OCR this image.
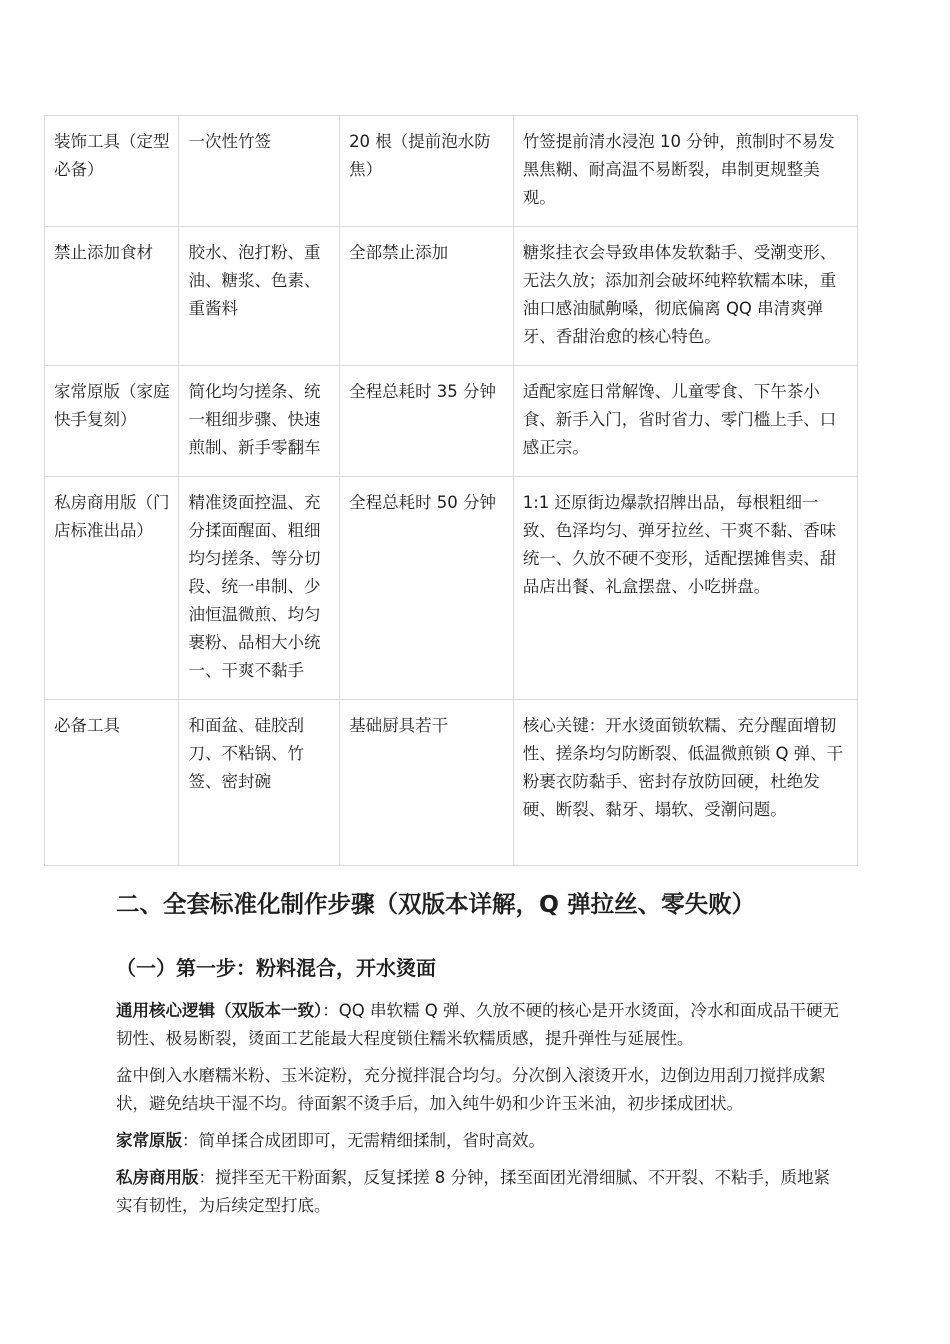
装饰工具（定型必备）	一次性竹签	20 根（提前泡水防焦）	竹签提前清水浸泡 10 分钟，煎制时不易发黑焦糊、耐高温不易断裂，串制更规整美观。
禁止添加食材	胶水、泡打粉、重油、糖浆、色素、重酱料	全部禁止添加	糖浆挂衣会导致串体发软黏手、受潮变形、无法久放；添加剂会破坏纯粹软糯本味，重油口感油腻齁嗓，彻底偏离 QQ 串清爽弹牙、香甜治愈的核心特色。
家常原版（家庭快手复刻）	简化均匀搓条、统一粗细步骤、快速煎制、新手零翻车	全程总耗时 35 分钟	适配家庭日常解馋、儿童零食、下午茶小食、新手入门，省时省力、零门槛上手、口感正宗。
私房商用版（门店标准出品）	精准烫面控温、充分揉面醒面、粗细均匀搓条、等分切段、统一串制、少油恒温微煎、均匀裹粉、品相大小统一、干爽不黏手	全程总耗时 50 分钟	1:1 还原街边爆款招牌出品，每根粗细一致、色泽均匀、弹牙拉丝、干爽不黏、香味统一、久放不硬不变形，适配摆摊售卖、甜品店出餐、礼盒摆盘、小吃拼盘。
必备工具	和面盆、硅胶刮刀、不粘锅、竹签、密封碗	基础厨具若干	核心关键：开水烫面锁软糯、充分醒面增韧性、搓条均匀防断裂、低温微煎锁 Q 弹、干粉裹衣防黏手、密封存放防回硬，杜绝发硬、断裂、黏牙、塌软、受潮问题。
二、全套标准化制作步骤（双版本详解，Q 弹拉丝、零失败）
（一）第一步：粉料混合，开水烫面

通用核心逻辑（双版本一致）：QQ 串软糯 Q 弹、久放不硬的核心是开水烫面，冷水和面成品干硬无韧性、极易断裂，烫面工艺能最大程度锁住糯米软糯质感，提升弹性与延展性。

盆中倒入水磨糯米粉、玉米淀粉，充分搅拌混合均匀。分次倒入滚烫开水，边倒边用刮刀搅拌成絮状，避免结块干湿不均。待面絮不烫手后，加入纯牛奶和少许玉米油，初步揉成团状。

家常原版：简单揉合成团即可，无需精细揉制，省时高效。

私房商用版：搅拌至无干粉面絮，反复揉搓 8 分钟，揉至面团光滑细腻、不开裂、不粘手，质地紧实有韧性，为后续定型打底。
